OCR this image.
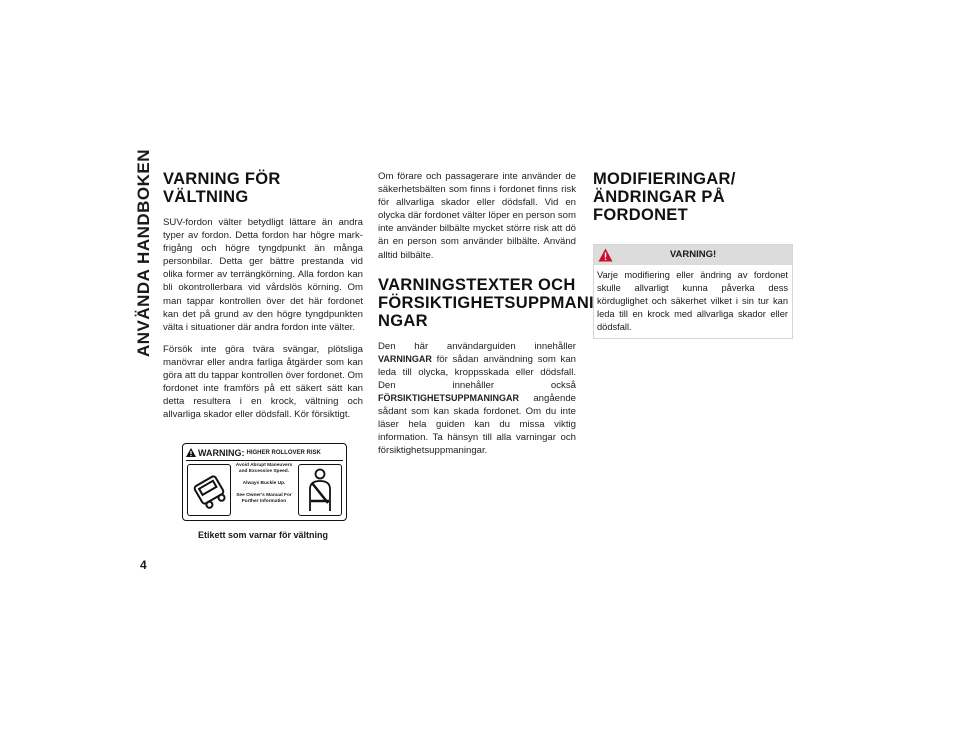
ANVÄNDA HANDBOKEN VARNING FÖR VÄLTNING

SUV-fordon välter betydligt lättare än andra typer av fordon. Detta fordon har högre markfrigång och högre tyngdpunkt än många personbilar. Detta ger bättre prestanda vid olika former av terrängkörning. Alla fordon kan bli okontrollerbara vid vårdslös körning. Om man tappar kontrollen över det här fordonet kan det på grund av den högre tyngdpunkten välta i situationer där andra fordon inte välter.

Försök inte göra tvära svängar, plötsliga manövrar eller andra farliga åtgärder som kan göra att du tappar kontrollen över fordonet. Om fordonet inte framförs på ett säkert sätt kan detta resultera i en krock, vältning och allvarliga skador eller dödsfall. Kör försiktigt.

WARNING: HIGHER ROLLOVER RISK
Avoid Abrupt Maneuvers and Excessive Speed.
Always Buckle Up.
See Owner's Manual For Further Information
Etikett som varnar för vältning

Om förare och passagerare inte använder de säkerhetsbälten som finns i fordonet finns risk för allvarliga skador eller dödsfall. Vid en olycka där fordonet välter löper en person som inte använder bilbälte mycket större risk att dö än en person som använder bilbälte. Använd alltid bilbälte.

VARNINGSTEXTER OCH FÖRSIKTIGHETSUPPMANI NGAR

Den här användarguiden innehåller VARNINGAR för sådan användning som kan leda till olycka, kroppsskada eller dödsfall. Den innehåller också FÖRSIKTIGHETSUPPMANINGAR angående sådant som kan skada fordonet. Om du inte läser hela guiden kan du missa viktig information. Ta hänsyn till alla varningar och försiktighetsuppmaningar.

MODIFIERINGAR/ ÄNDRINGAR PÅ FORDONET
VARNING!
Varje modifiering eller ändring av fordonet skulle allvarligt kunna påverka dess körduglighet och säkerhet vilket i sin tur kan leda till en krock med allvarliga skador eller dödsfall.
4
